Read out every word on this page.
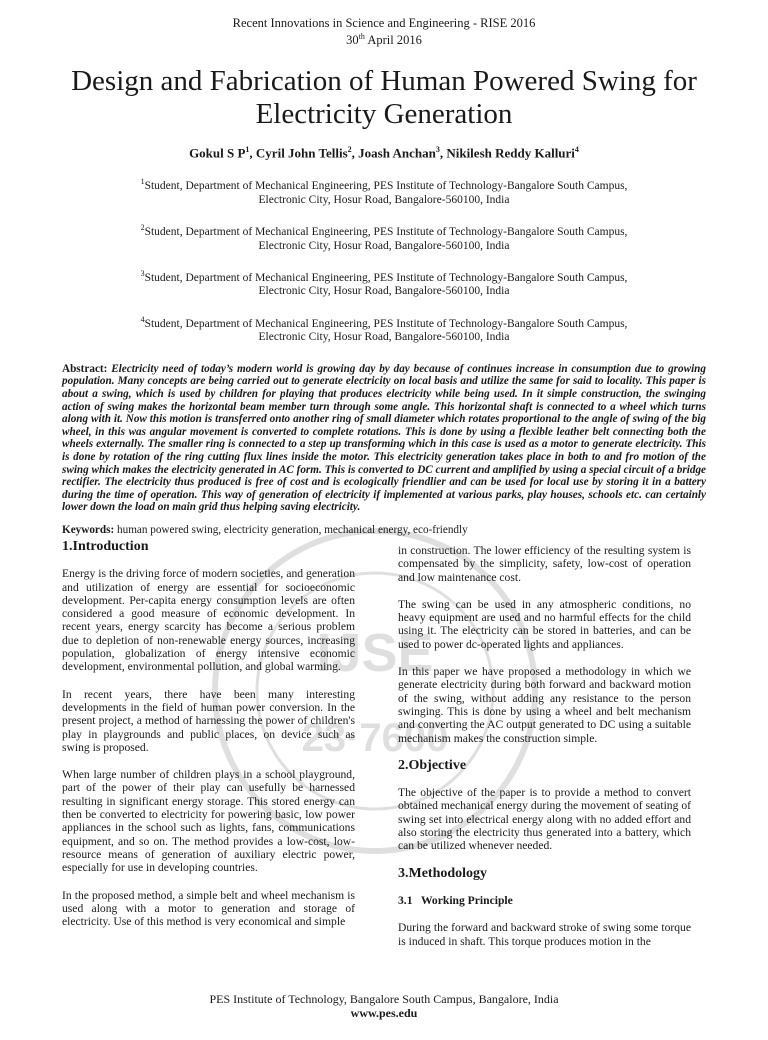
IJSE
23·7600
Recent Innovations in Science and Engineering - RISE 2016
30th April 2016
Design and Fabrication of Human Powered Swing for Electricity Generation
Gokul S $P^1$, Cyril John Tellis$^2$, Joash Anchan$^3$, Nikilesh Reddy Kalluri$^4$
$^1$Student, Department of Mechanical Engineering, PES Institute of Technology-Bangalore South Campus,
Electronic City, Hosur Road, Bangalore-560100, India
$^2$Student, Department of Mechanical Engineering, PES Institute of Technology-Bangalore South Campus,
Electronic City, Hosur Road, Bangalore-560100, India
$^3$Student, Department of Mechanical Engineering, PES Institute of Technology-Bangalore South Campus,
Electronic City, Hosur Road, Bangalore-560100, India
$^4$Student, Department of Mechanical Engineering, PES Institute of Technology-Bangalore South Campus,
Electronic City, Hosur Road, Bangalore-560100, India
Abstract: Electricity need of today’s modern world is growing day by day because of continues increase in consumption due to growing population. Many concepts are being carried out to generate electricity on local basis and utilize the same for said to locality. This paper is about a swing, which is used by children for playing that produces electricity while being used. In it simple construction, the swinging action of swing makes the horizontal beam member turn through some angle. This horizontal shaft is connected to a wheel which turns along with it. Now this motion is transferred onto another ring of small diameter which rotates proportional to the angle of swing of the big wheel, in this was angular movement is converted to complete rotations. This is done by using a flexible leather belt connecting both the wheels externally. The smaller ring is connected to a step up transforming which in this case is used as a motor to generate electricity. This is done by rotation of the ring cutting flux lines inside the motor. This electricity generation takes place in both to and fro motion of the swing which makes the electricity generated in AC form. This is converted to DC current and amplified by using a special circuit of a bridge rectifier. The electricity thus produced is free of cost and is ecologically friendlier and can be used for local use by storing it in a battery during the time of operation. This way of generation of electricity if implemented at various parks, play houses, schools etc. can certainly lower down the load on main grid thus helping saving electricity.
Keywords: human powered swing, electricity generation, mechanical energy, eco-friendly
1.Introduction

Energy is the driving force of modern societies, and generation and utilization of energy are essential for socioeconomic development. Per-capita energy consumption levels are often considered a good measure of economic development. In recent years, energy scarcity has become a serious problem due to depletion of non-renewable energy sources, increasing population, globalization of energy intensive economic development, environmental pollution, and global warming.

In recent years, there have been many interesting developments in the field of human power conversion. In the present project, a method of harnessing the power of children's play in playgrounds and public places, on device such as swing is proposed.

When large number of children plays in a school playground, part of the power of their play can usefully be harnessed resulting in significant energy storage. This stored energy can then be converted to electricity for powering basic, low power appliances in the school such as lights, fans, communications equipment, and so on. The method provides a low-cost, low-resource means of generation of auxiliary electric power, especially for use in developing countries.

In the proposed method, a simple belt and wheel mechanism is used along with a motor to generation and storage of electricity. Use of this method is very economical and simple

in construction. The lower efficiency of the resulting system is compensated by the simplicity, safety, low-cost of operation and low maintenance cost.

The swing can be used in any atmospheric conditions, no heavy equipment are used and no harmful effects for the child using it. The electricity can be stored in batteries, and can be used to power dc-operated lights and appliances.

In this paper we have proposed a methodology in which we generate electricity during both forward and backward motion of the swing, without adding any resistance to the person swinging. This is done by using a wheel and belt mechanism and converting the AC output generated to DC using a suitable mechanism makes the construction simple.

2.Objective

The objective of the paper is to provide a method to convert obtained mechanical energy during the movement of seating of swing set into electrical energy along with no added effort and also storing the electricity thus generated into a battery, which can be utilized whenever needed.

3.Methodology
3.1   Working Principle

During the forward and backward stroke of swing some torque is induced in shaft. This torque produces motion in the

PES Institute of Technology, Bangalore South Campus, Bangalore, India
www.pes.edu
